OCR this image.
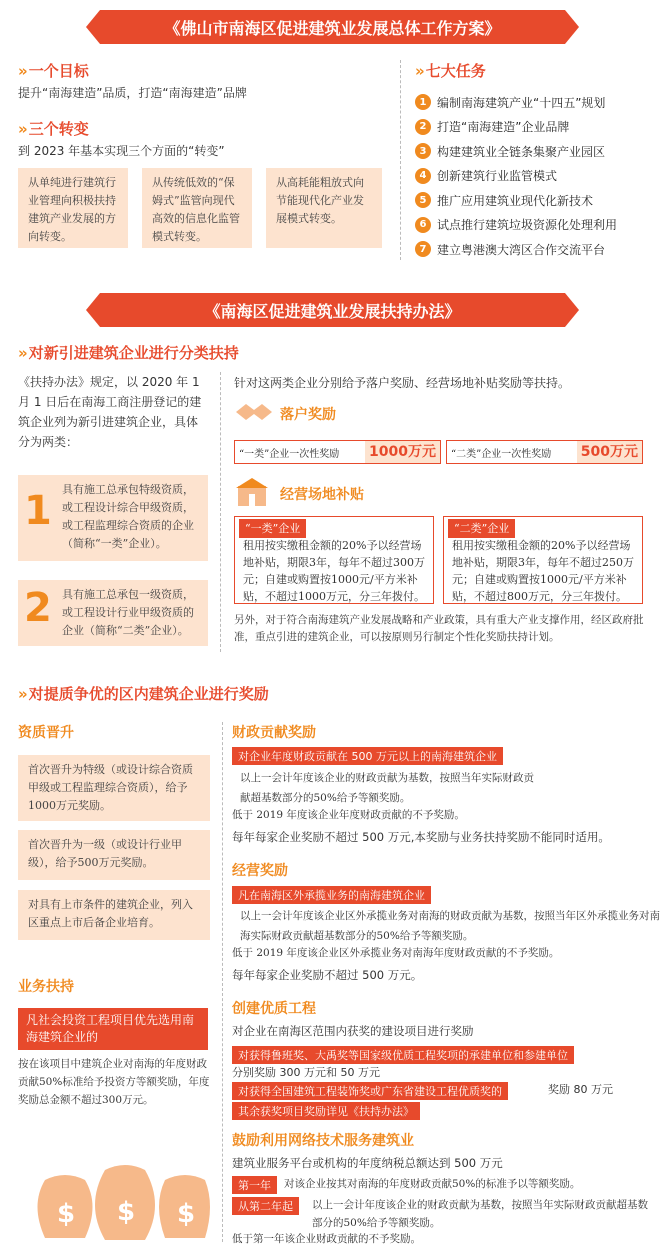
《佛山市南海区促进建筑业发展总体工作方案》
» 一个目标
提升“南海建造”品质，打造“南海建造”品牌
» 三个转变
到 2023 年基本实现三个方面的“转变”
从单纯进行建筑行业管理向积极扶持建筑产业发展的方向转变。
从传统低效的“保姆式”监管向现代高效的信息化监管模式转变。
从高耗能粗放式向节能现代化产业发展模式转变。
» 七大任务
1 编制南海建筑产业“十四五”规划
2 打造“南海建造”企业品牌
3 构建建筑业全链条集聚产业园区
4 创新建筑行业监管模式
5 推广应用建筑业现代化新技术
6 试点推行建筑垃圾资源化处理利用
7 建立粤港澳大湾区合作交流平台
《南海区促进建筑业发展扶持办法》
» 对新引进建筑企业进行分类扶持
《扶持办法》规定，以 2020 年 1 月 1 日后在南海工商注册登记的建筑企业列为新引进建筑企业，具体分为两类：
1 具有施工总承包特级资质，或工程设计综合甲级资质，或工程监理综合资质的企业（简称“一类”企业）。
2 具有施工总承包一级资质，或工程设计行业甲级资质的企业（简称“二类”企业）。
针对这两类企业分别给予落户奖励、经营场地补贴奖励等扶持。
落户奖励
“一类”企业一次性奖励	1000万元	“二类”企业一次性奖励	500万元
经营场地补贴
“一类”企业
租用按实缴租金额的20%予以经营场地补贴，期限3年，每年不超过300万元；自建或购置按1000元/平方米补贴，不超过1000万元，分三年拨付。
“二类”企业
租用按实缴租金额的20%予以经营场地补贴，期限3年，每年不超过250万元；自建或购置按1000元/平方米补贴，不超过800万元，分三年拨付。
另外，对于符合南海建筑产业发展战略和产业政策，具有重大产业支撑作用，经区政府批准，重点引进的建筑企业，可以按原则另行制定个性化奖励扶持计划。
» 对提质争优的区内建筑企业进行奖励
资质晋升
首次晋升为特级（或设计综合资质甲级或工程监理综合资质），给予1000万元奖励。
首次晋升为一级（或设计行业甲级），给予500万元奖励。
对具有上市条件的建筑企业，列入区重点上市后备企业培育。
业务扶持
凡社会投资工程项目优先选用南海建筑企业的
按在该项目中建筑企业对南海的年度财政贡献50%标准给予投资方等额奖励，年度奖励总金额不超过300万元。
$ $ $
财政贡献奖励
对企业年度财政贡献在 500 万元以上的南海建筑企业
以上一会计年度该企业的财政贡献为基数，按照当年实际财政贡献超基数部分的50%给予等额奖励。
低于 2019 年度该企业年度财政贡献的不予奖励。
每年每家企业奖励不超过 500 万元,本奖励与业务扶持奖励不能同时适用。
经营奖励
凡在南海区外承揽业务的南海建筑企业
以上一会计年度该企业区外承揽业务对南海的财政贡献为基数，按照当年区外承揽业务对南海实际财政贡献超基数部分的50%给予等额奖励。
低于 2019 年度该企业区外承揽业务对南海年度财政贡献的不予奖励。
每年每家企业奖励不超过 500 万元。
创建优质工程
对企业在南海区范围内获奖的建设项目进行奖励
对获得鲁班奖、大禹奖等国家级优质工程奖项的承建单位和参建单位
分别奖励 300 万元和 50 万元
对获得全国建筑工程装饰奖或广东省建设工程优质奖的	奖励 80 万元
其余获奖项目奖励详见《扶持办法》
鼓励利用网络技术服务建筑业
建筑业服务平台或机构的年度纳税总额达到 500 万元
第一年	对该企业按其对南海的年度财政贡献50%的标准予以等额奖励。
从第二年起	以上一会计年度该企业的财政贡献为基数，按照当年实际财政贡献超基数部分的50%给予等额奖励。
低于第一年该企业财政贡献的不予奖励。
